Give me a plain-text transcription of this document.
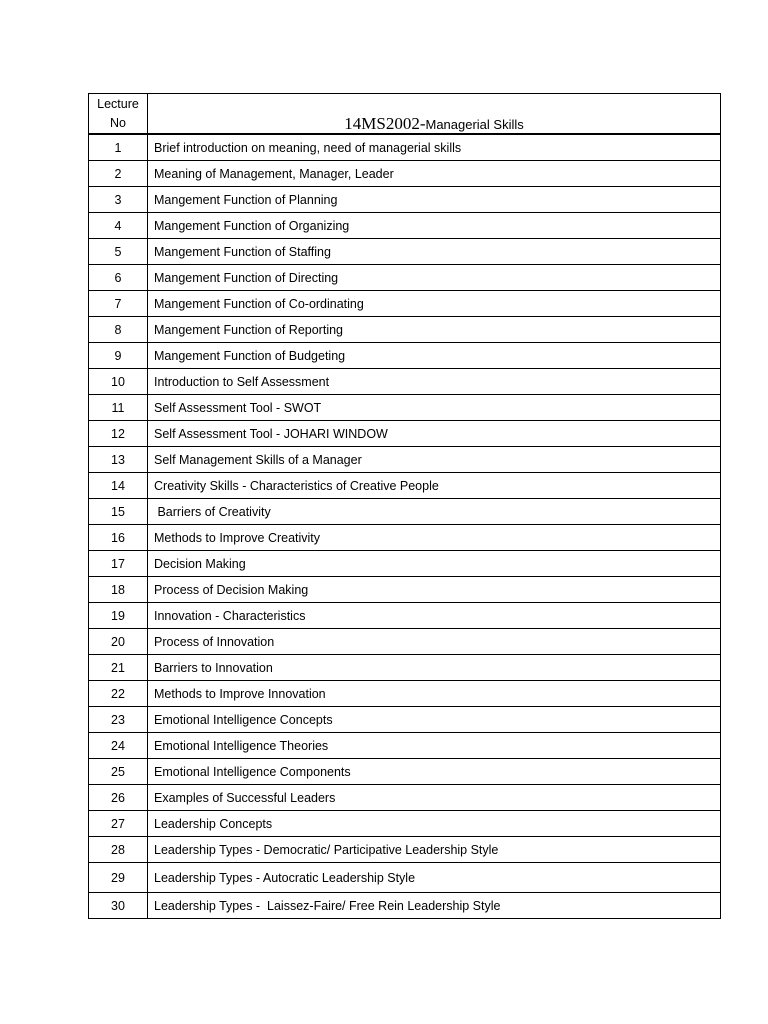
Lecture
No	14MS2002-Managerial Skills
1	Brief introduction on meaning, need of managerial skills
2	Meaning of Management, Manager, Leader
3	Mangement Function of Planning
4	Mangement Function of Organizing
5	Mangement Function of Staffing
6	Mangement Function of Directing
7	Mangement Function of Co-ordinating
8	Mangement Function of Reporting
9	Mangement Function of Budgeting
10	Introduction to Self Assessment
11	Self Assessment Tool - SWOT
12	Self Assessment Tool - JOHARI WINDOW
13	Self Management Skills of a Manager
14	Creativity Skills - Characteristics of Creative People
15	Barriers of Creativity
16	Methods to Improve Creativity
17	Decision Making
18	Process of Decision Making
19	Innovation - Characteristics
20	Process of Innovation
21	Barriers to Innovation
22	Methods to Improve Innovation
23	Emotional Intelligence Concepts
24	Emotional Intelligence Theories
25	Emotional Intelligence Components
26	Examples of Successful Leaders
27	Leadership Concepts
28	Leadership Types - Democratic/ Participative Leadership Style
29	Leadership Types - Autocratic Leadership Style
30	Leadership Types -  Laissez-Faire/ Free Rein Leadership Style
